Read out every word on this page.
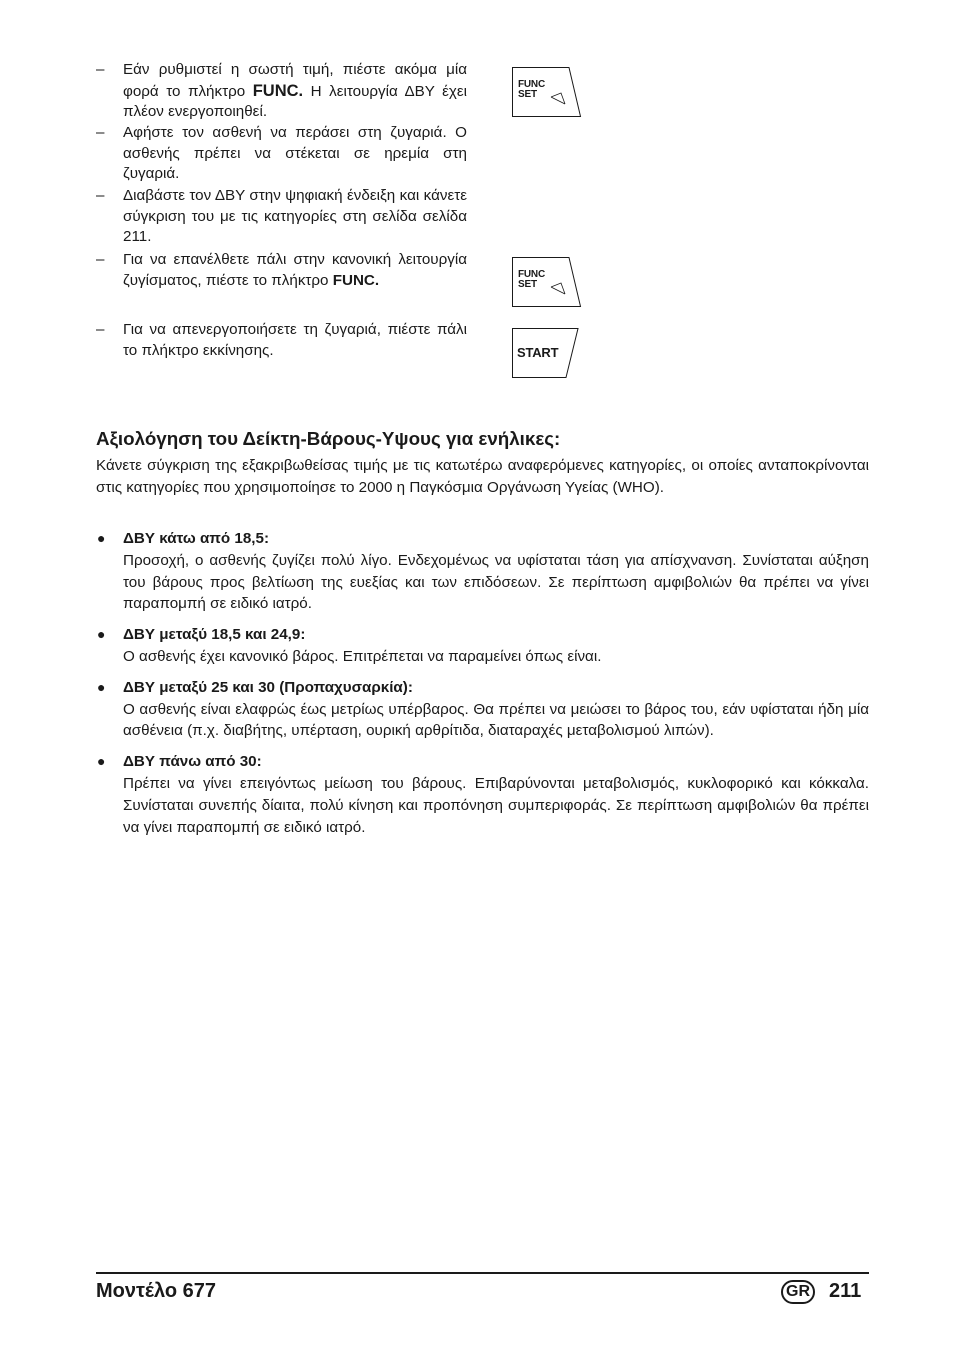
– Εάν ρυθμιστεί η σωστή τιμή, πιέστε ακόμα μία φορά το πλήκτρο FUNC. Η λειτουργία ΔΒΥ έχει πλέον ενεργοποιηθεί.
– Αφήστε τον ασθενή να περάσει στη ζυγαριά. Ο ασθενής πρέπει να στέκεται σε ηρεμία στη ζυγαριά.
– Διαβάστε τον ΔΒΥ στην ψηφιακή ένδειξη και κάνετε σύγκριση του με τις κατηγορίες στη σελίδα σελίδα 211.
– Για να επανέλθετε πάλι στην κανονική λειτουργία ζυγίσματος, πιέστε το πλήκτρο FUNC.
– Για να απενεργοποιήσετε τη ζυγαριά, πιέστε πάλι το πλήκτρο εκκίνησης.
FUNC
SET
FUNC
SET
START
Αξιολόγηση του Δείκτη-Βάρους-Υψους για ενήλικες:
Κάνετε σύγκριση της εξακριβωθείσας τιμής με τις κατωτέρω αναφερόμενες κατηγορίες, οι οποίες ανταποκρίνονται στις κατηγορίες που χρησιμοποίησε το 2000 η Παγκόσμια Οργάνωση Υγείας (WHO).
● ΔΒΥ κάτω από 18,5:
Προσοχή, ο ασθενής ζυγίζει πολύ λίγο. Ενδεχομένως να υφίσταται τάση για απίσχνανση. Συνίσταται αύξηση του βάρους προς βελτίωση της ευεξίας και των επιδόσεων. Σε περίπτωση αμφιβολιών θα πρέπει να γίνει παραπομπή σε ειδικό ιατρό.
● ΔΒΥ μεταξύ 18,5 και 24,9:
Ο ασθενής έχει κανονικό βάρος. Επιτρέπεται να παραμείνει όπως είναι.
● ΔΒΥ μεταξύ 25 και 30 (Προπαχυσαρκία):
Ο ασθενής είναι ελαφρώς έως μετρίως υπέρβαρος. Θα πρέπει να μειώσει το βάρος του, εάν υφίσταται ήδη μία ασθένεια (π.χ. διαβήτης, υπέρταση, ουρική αρθρίτιδα, διαταραχές μεταβολισμού λιπών).
● ΔΒΥ πάνω από 30:
Πρέπει να γίνει επειγόντως μείωση του βάρους. Επιβαρύνονται μεταβολισμός, κυκλοφορικό και κόκκαλα. Συνίσταται συνεπής δίαιτα, πολύ κίνηση και προπόνηση συμπεριφοράς. Σε περίπτωση αμφιβολιών θα πρέπει να γίνει παραπομπή σε ειδικό ιατρό.
Μοντέλο 677	GR 211
